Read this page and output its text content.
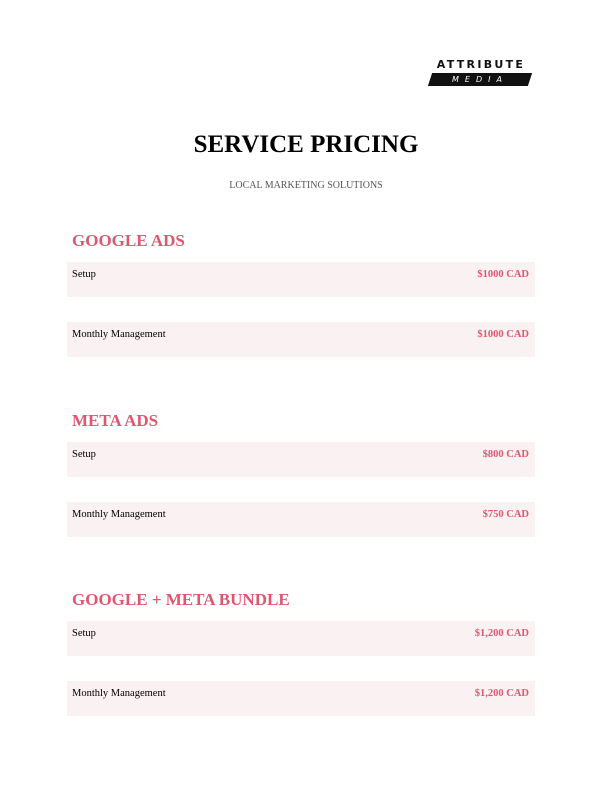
ATTRIBUTE
MEDIA
SERVICE PRICING
LOCAL MARKETING SOLUTIONS
GOOGLE ADS
Setup	$1000 CAD
Monthly Management	$1000 CAD
META ADS
Setup	$800 CAD
Monthly Management	$750 CAD
GOOGLE + META BUNDLE
Setup	$1,200 CAD
Monthly Management	$1,200 CAD
